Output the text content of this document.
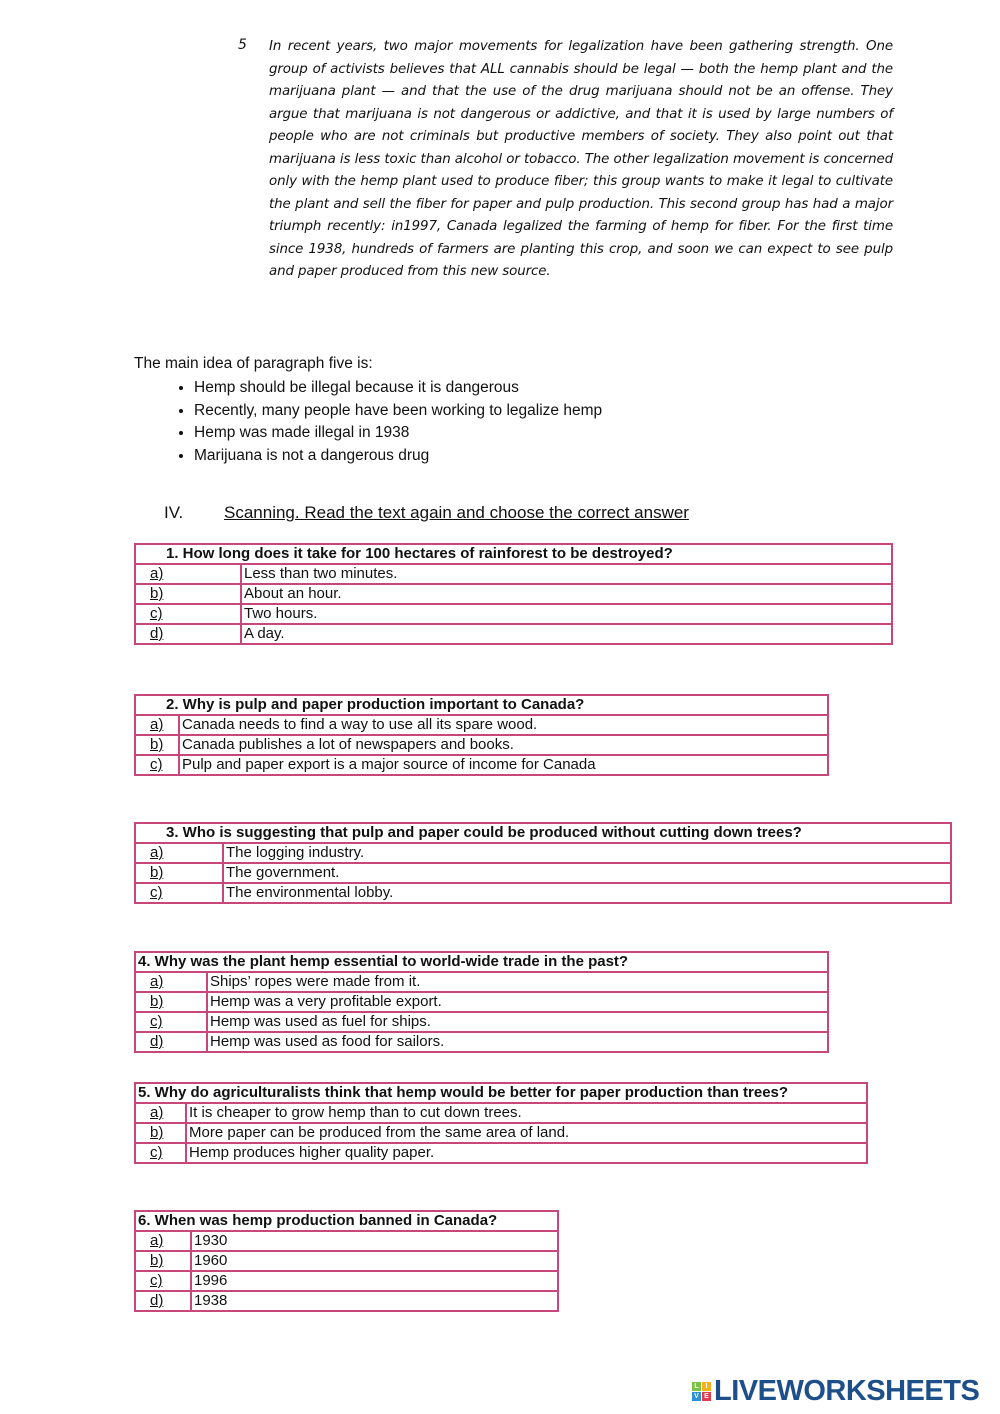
5 In recent years, two major movements for legalization have been gathering strength. One group of activists believes that ALL cannabis should be legal — both the hemp plant and the marijuana plant — and that the use of the drug marijuana should not be an offense. They argue that marijuana is not dangerous or addictive, and that it is used by large numbers of people who are not criminals but productive members of society. They also point out that marijuana is less toxic than alcohol or tobacco. The other legalization movement is concerned only with the hemp plant used to produce fiber; this group wants to make it legal to cultivate the plant and sell the fiber for paper and pulp production. This second group has had a major triumph recently: in1997, Canada legalized the farming of hemp for fiber. For the first time since 1938, hundreds of farmers are planting this crop, and soon we can expect to see pulp and paper produced from this new source.
The main idea of paragraph five is:
• Hemp should be illegal because it is dangerous
• Recently, many people have been working to legalize hemp
• Hemp was made illegal in 1938
• Marijuana is not a dangerous drug
IV. Scanning. Read the text again and choose the correct answer
1. How long does it take for 100 hectares of rainforest to be destroyed?	
a)	Less than two minutes.
b)	About an hour.
c)	Two hours.
d)	A day.
2. Why is pulp and paper production important to Canada?	
a)	Canada needs to find a way to use all its spare wood.
b)	Canada publishes a lot of newspapers and books.
c)	Pulp and paper export is a major source of income for Canada
3. Who is suggesting that pulp and paper could be produced without cutting down trees?	
a)	The logging industry.
b)	The government.
c)	The environmental lobby.
4. Why was the plant hemp essential to world-wide trade in the past?	
a)	Ships’ ropes were made from it.
b)	Hemp was a very profitable export.
c)	Hemp was used as fuel for ships.
d)	Hemp was used as food for sailors.
5. Why do agriculturalists think that hemp would be better for paper production than trees?	
a)	It is cheaper to grow hemp than to cut down trees.
b)	More paper can be produced from the same area of land.
c)	Hemp produces higher quality paper.
6. When was hemp production banned in Canada?	
a)	1930
b)	1960
c)	1996
d)	1938
L I
V E LIVEWORKSHEETS
